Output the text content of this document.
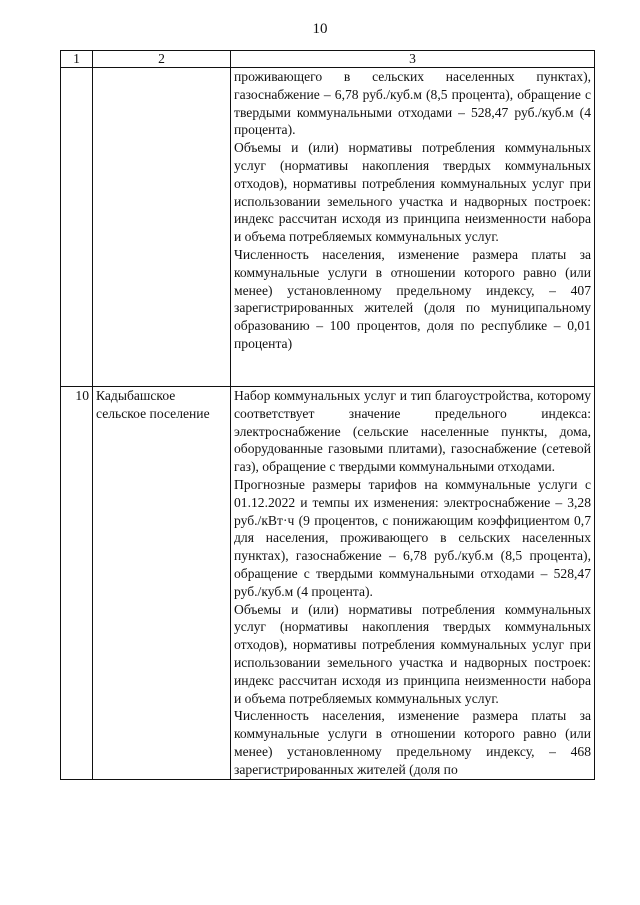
10
1	2	3

		проживающего в сельских населенных пунктах), газоснабжение – 6,78 руб./куб.м (8,5 процента), обращение с твердыми коммунальными отходами – 528,47 руб./куб.м (4 процента).

Объемы и (или) нормативы потребления коммунальных услуг (нормативы накопления твердых коммунальных отходов), нормативы потребления коммунальных услуг при использовании земельного участка и надворных построек: индекс рассчитан исходя из принципа неизменности набора и объема потребляемых коммунальных услуг.

Численность населения, изменение размера платы за коммунальные услуги в отношении которого равно (или менее) установленному предельному индексу, – 407 зарегистрированных жителей (доля по муниципальному образованию – 100 процентов, доля по республике – 0,01 процента)

10	Кадыбашское сельское поселение	Набор коммунальных услуг и тип благоустройства, которому соответствует значение предельного индекса: электроснабжение (сельские населенные пункты, дома, оборудованные газовыми плитами), газоснабжение (сетевой газ), обращение с твердыми коммунальными отходами.

Прогнозные размеры тарифов на коммунальные услуги с 01.12.2022 и темпы их изменения: электроснабжение – 3,28 руб./кВт·ч (9 процентов, с понижающим коэффициентом 0,7 для населения, проживающего в сельских населенных пунктах), газоснабжение – 6,78 руб./куб.м (8,5 процента), обращение с твердыми коммунальными отходами – 528,47 руб./куб.м (4 процента).

Объемы и (или) нормативы потребления коммунальных услуг (нормативы накопления твердых коммунальных отходов), нормативы потребления коммунальных услуг при использовании земельного участка и надворных построек: индекс рассчитан исходя из принципа неизменности набора и объема потребляемых коммунальных услуг.

Численность населения, изменение размера платы за коммунальные услуги в отношении которого равно (или менее) установленному предельному индексу, – 468 зарегистрированных жителей (доля по
